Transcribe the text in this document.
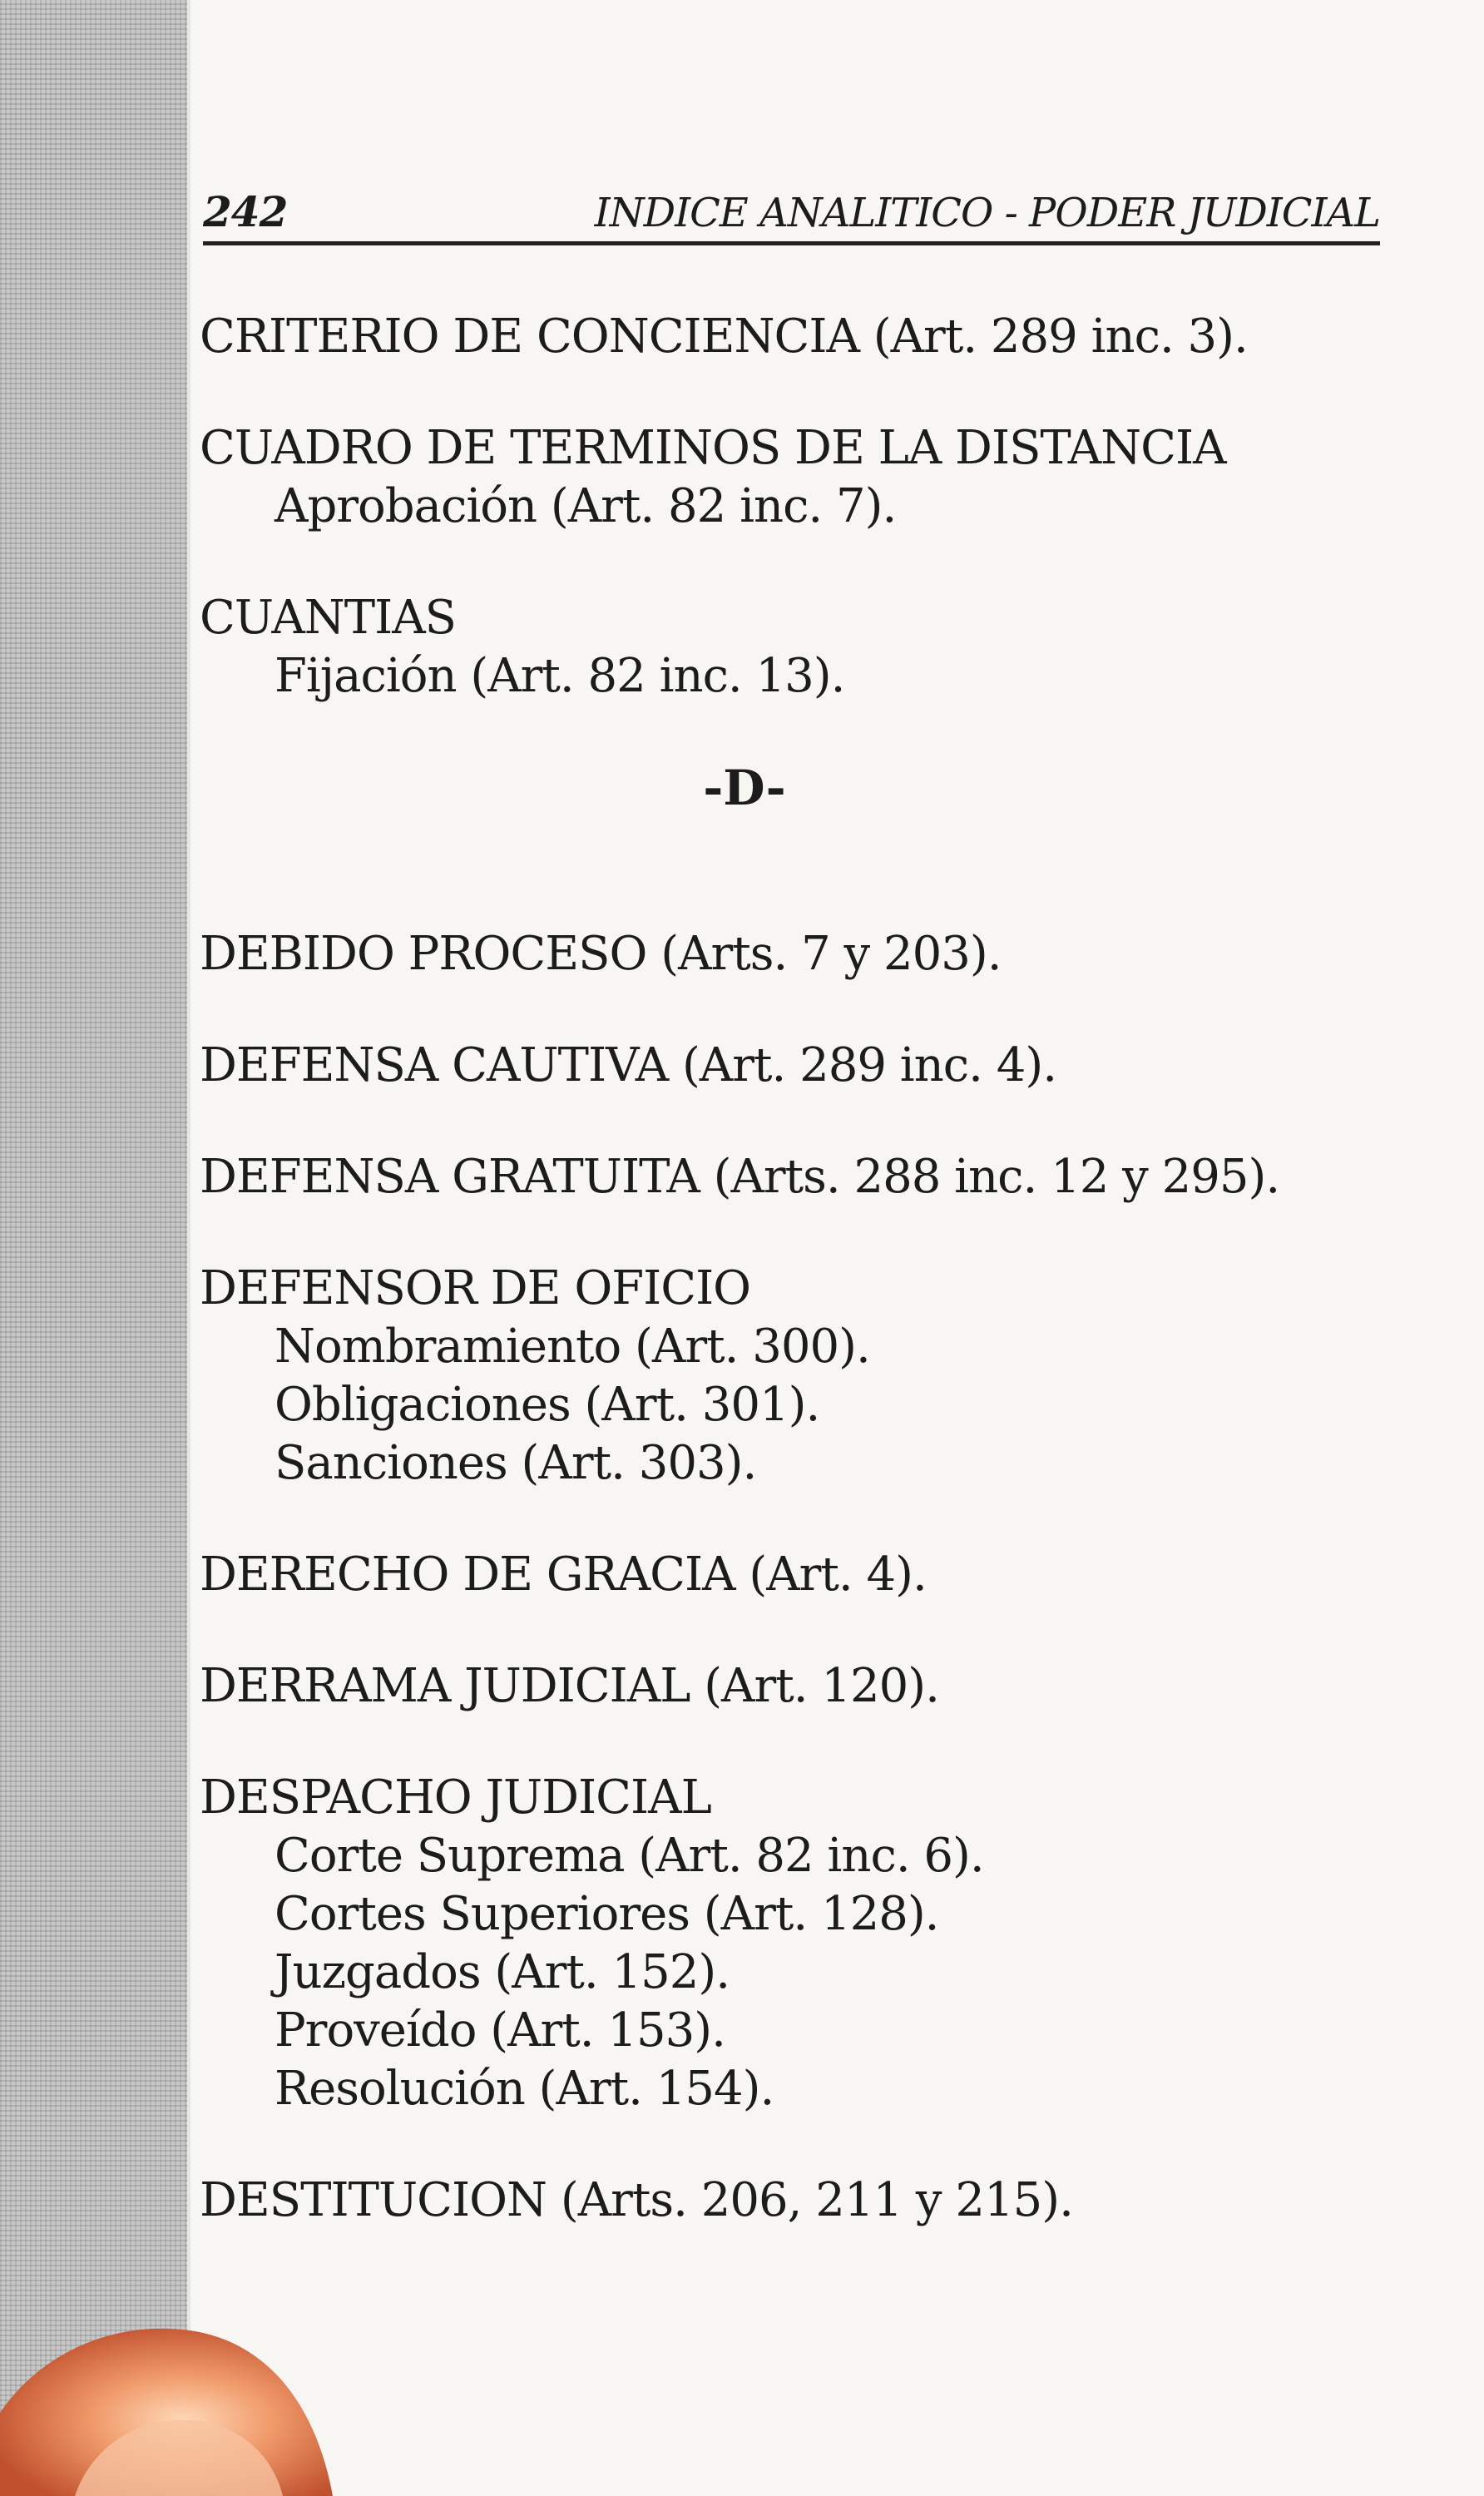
242	INDICE ANALITICO - PODER JUDICIAL
CRITERIO DE CONCIENCIA (Art. 289 inc. 3).
CUADRO DE TERMINOS DE LA DISTANCIA
Aprobación (Art. 82 inc. 7).
CUANTIAS
Fijación (Art. 82 inc. 13).
-D-
DEBIDO PROCESO (Arts. 7 y 203).
DEFENSA CAUTIVA (Art. 289 inc. 4).
DEFENSA GRATUITA (Arts. 288 inc. 12 y 295).
DEFENSOR DE OFICIO
Nombramiento (Art. 300).
Obligaciones (Art. 301).
Sanciones (Art. 303).
DERECHO DE GRACIA (Art. 4).
DERRAMA JUDICIAL (Art. 120).
DESPACHO JUDICIAL
Corte Suprema (Art. 82 inc. 6).
Cortes Superiores (Art. 128).
Juzgados (Art. 152).
Proveído (Art. 153).
Resolución (Art. 154).
DESTITUCION (Arts. 206, 211 y 215).
